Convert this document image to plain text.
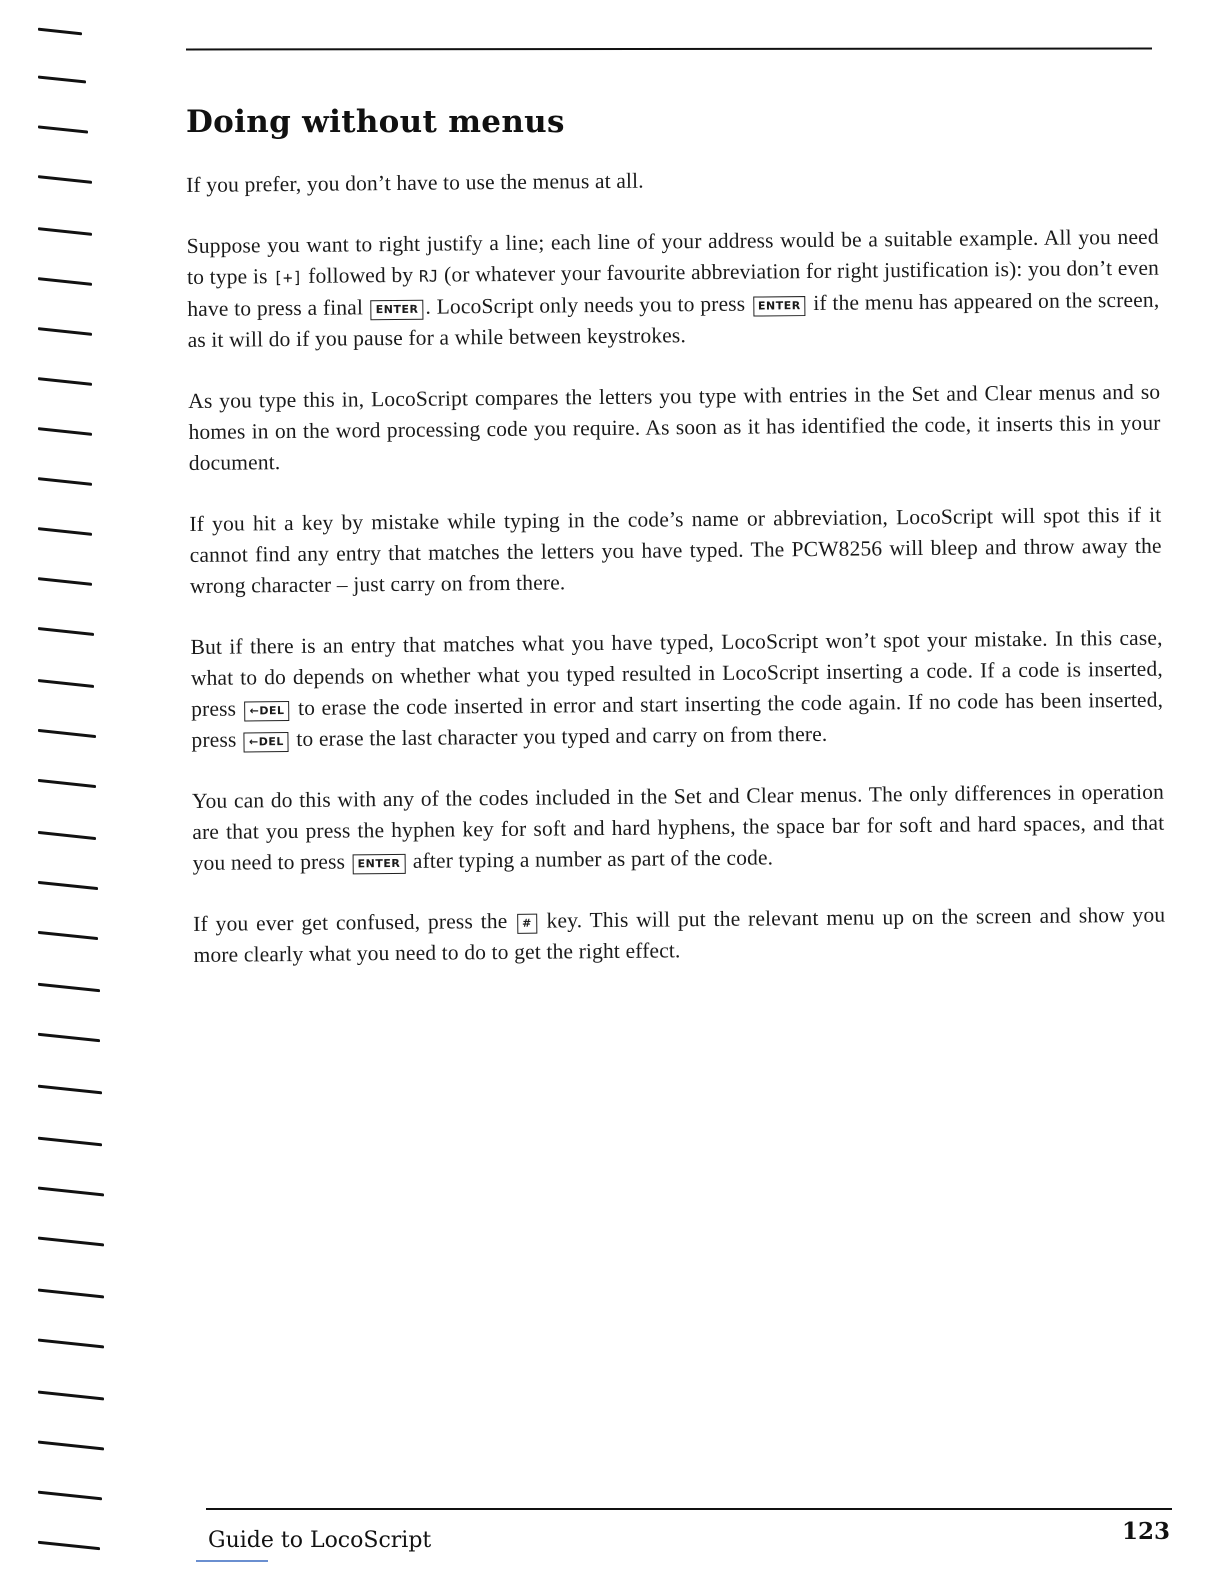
Doing without menus

If you prefer, you don’t have to use the menus at all.

Suppose you want to right justify a line; each line of your address would be a suitable example. All you need to type is [+] followed by RJ (or whatever your favourite abbreviation for right justification is): you don’t even have to press a final ENTER . LocoScript only needs you to press ENTER if the menu has appeared on the screen, as it will do if you pause for a while between keystrokes.

As you type this in, LocoScript compares the letters you type with entries in the Set and Clear menus and so homes in on the word processing code you require. As soon as it has identified the code, it inserts this in your document.

If you hit a key by mistake while typing in the code’s name or abbreviation, LocoScript will spot this if it cannot find any entry that matches the letters you have typed. The PCW8256 will bleep and throw away the wrong character – just carry on from there.

But if there is an entry that matches what you have typed, LocoScript won’t spot your mistake. In this case, what to do depends on whether what you typed resulted in LocoScript inserting a code. If a code is inserted, press ←DEL to erase the code inserted in error and start inserting the code again. If no code has been inserted, press ←DEL to erase the last character you typed and carry on from there.

You can do this with any of the codes included in the Set and Clear menus. The only differences in operation are that you press the hyphen key for soft and hard hyphens, the space bar for soft and hard spaces, and that you need to press ENTER after typing a number as part of the code.

If you ever get confused, press the # key. This will put the relevant menu up on the screen and show you more clearly what you need to do to get the right effect.

Guide to LocoScript	123
